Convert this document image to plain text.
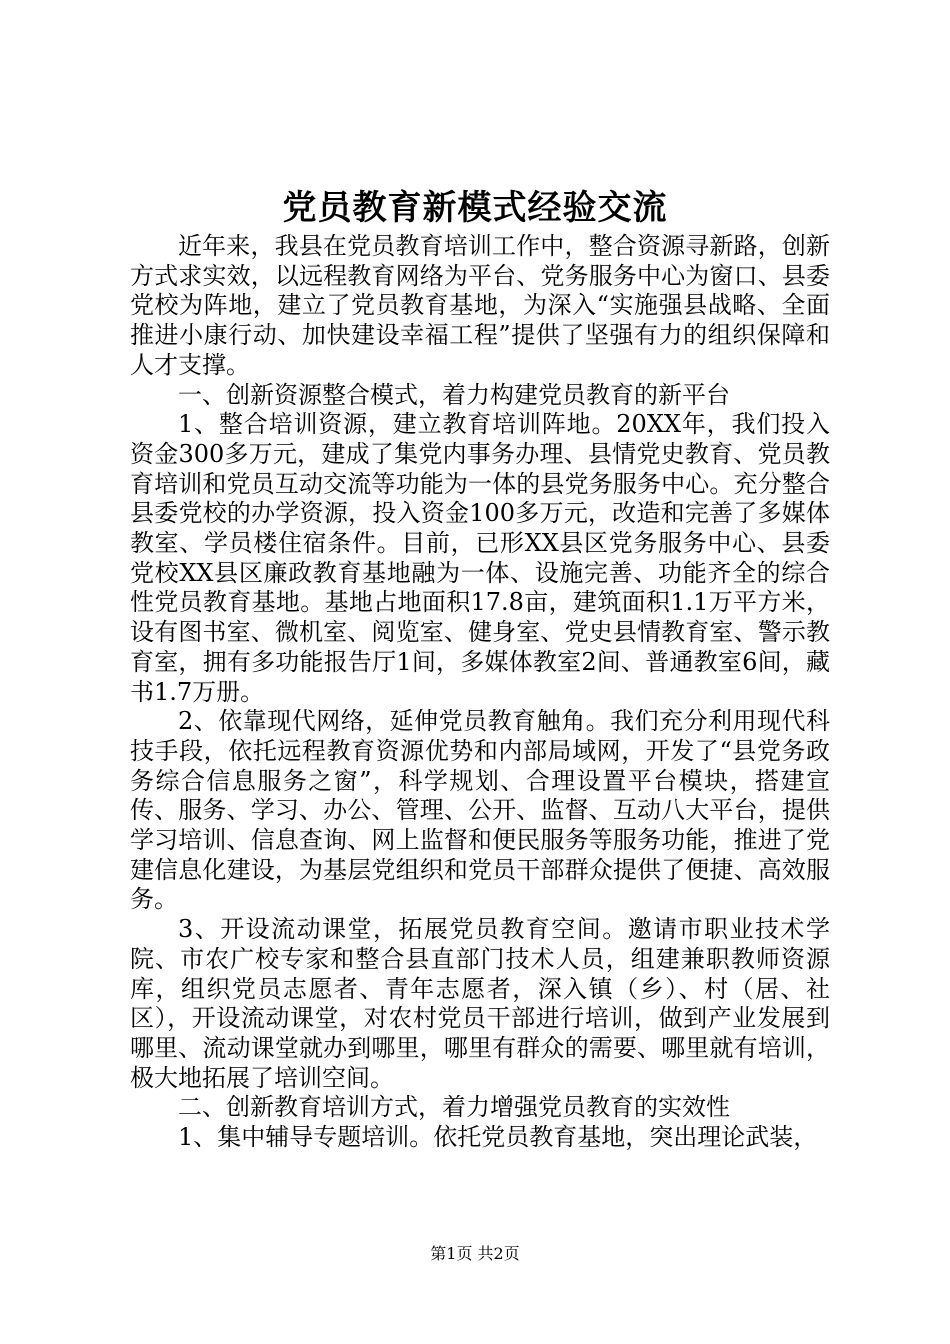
党员教育新模式经验交流

近年来，我县在党员教育培训工作中，整合资源寻新路，创新方式求实效，以远程教育网络为平台、党务服务中心为窗口、县委党校为阵地，建立了党员教育基地，为深入“实施强县战略、全面推进小康行动、加快建设幸福工程”提供了坚强有力的组织保障和人才支撑。

一、创新资源整合模式，着力构建党员教育的新平台

1、整合培训资源，建立教育培训阵地。20XX年，我们投入资金300多万元，建成了集党内事务办理、县情党史教育、党员教育培训和党员互动交流等功能为一体的县党务服务中心。充分整合县委党校的办学资源，投入资金100多万元，改造和完善了多媒体教室、学员楼住宿条件。目前，已形XX县区党务服务中心、县委党校XX县区廉政教育基地融为一体、设施完善、功能齐全的综合性党员教育基地。基地占地面积17.8亩，建筑面积1.1万平方米，设有图书室、微机室、阅览室、健身室、党史县情教育室、警示教育室，拥有多功能报告厅1间，多媒体教室2间、普通教室6间，藏书1.7万册。

2、依靠现代网络，延伸党员教育触角。我们充分利用现代科技手段，依托远程教育资源优势和内部局域网，开发了“县党务政务综合信息服务之窗”，科学规划、合理设置平台模块，搭建宣传、服务、学习、办公、管理、公开、监督、互动八大平台，提供学习培训、信息查询、网上监督和便民服务等服务功能，推进了党建信息化建设，为基层党组织和党员干部群众提供了便捷、高效服务。

3、开设流动课堂，拓展党员教育空间。邀请市职业技术学院、市农广校专家和整合县直部门技术人员，组建兼职教师资源库，组织党员志愿者、青年志愿者，深入镇（乡）、村（居、社区），开设流动课堂，对农村党员干部进行培训，做到产业发展到哪里、流动课堂就办到哪里，哪里有群众的需要、哪里就有培训，极大地拓展了培训空间。

二、创新教育培训方式，着力增强党员教育的实效性

1、集中辅导专题培训。依托党员教育基地，突出理论武装，

第1页 共2页
